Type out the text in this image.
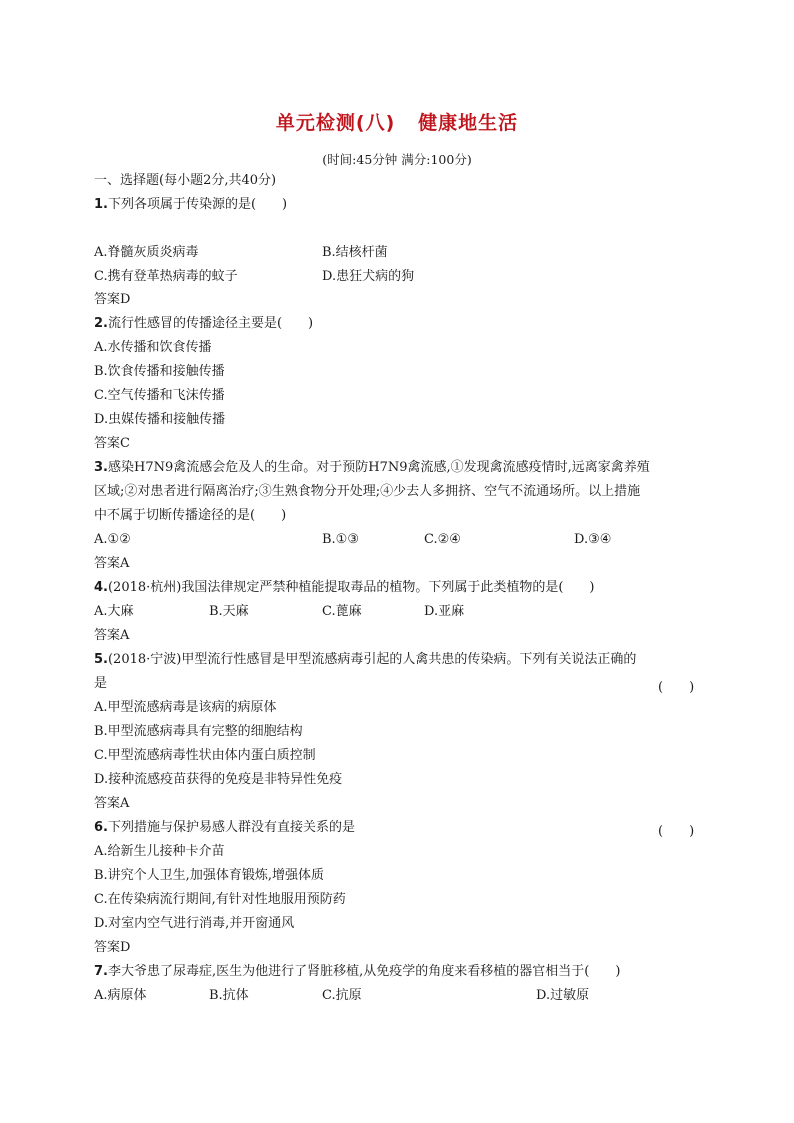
单元检测(八)   健康地生活
(时间:45分钟 满分:100分)
一、选择题(每小题2分,共40分)
1.下列各项属于传染源的是(　　)
A.脊髓灰质炎病毒	B.结核杆菌
C.携有登革热病毒的蚊子	D.患狂犬病的狗
答案D
2.流行性感冒的传播途径主要是(　　)
A.水传播和饮食传播
B.饮食传播和接触传播
C.空气传播和飞沫传播
D.虫媒传播和接触传播
答案C
3.感染H7N9禽流感会危及人的生命。对于预防H7N9禽流感,①发现禽流感疫情时,远离家禽养殖
区域;②对患者进行隔离治疗;③生熟食物分开处理;④少去人多拥挤、空气不流通场所。以上措施
中不属于切断传播途径的是(　　)
A.①②	B.①③	C.②④	D.③④
答案A
4.(2018·杭州)我国法律规定严禁种植能提取毒品的植物。下列属于此类植物的是(　　)
A.大麻	B.天麻	C.蓖麻	D.亚麻
答案A
5.(2018·宁波)甲型流行性感冒是甲型流感病毒引起的人禽共患的传染病。下列有关说法正确的
是	(　　)
A.甲型流感病毒是该病的病原体
B.甲型流感病毒具有完整的细胞结构
C.甲型流感病毒性状由体内蛋白质控制
D.接种流感疫苗获得的免疫是非特异性免疫
答案A
6.下列措施与保护易感人群没有直接关系的是	(　　)
A.给新生儿接种卡介苗
B.讲究个人卫生,加强体育锻炼,增强体质
C.在传染病流行期间,有针对性地服用预防药
D.对室内空气进行消毒,并开窗通风
答案D
7.李大爷患了尿毒症,医生为他进行了肾脏移植,从免疫学的角度来看移植的器官相当于(　　)
A.病原体	B.抗体	C.抗原	D.过敏原
